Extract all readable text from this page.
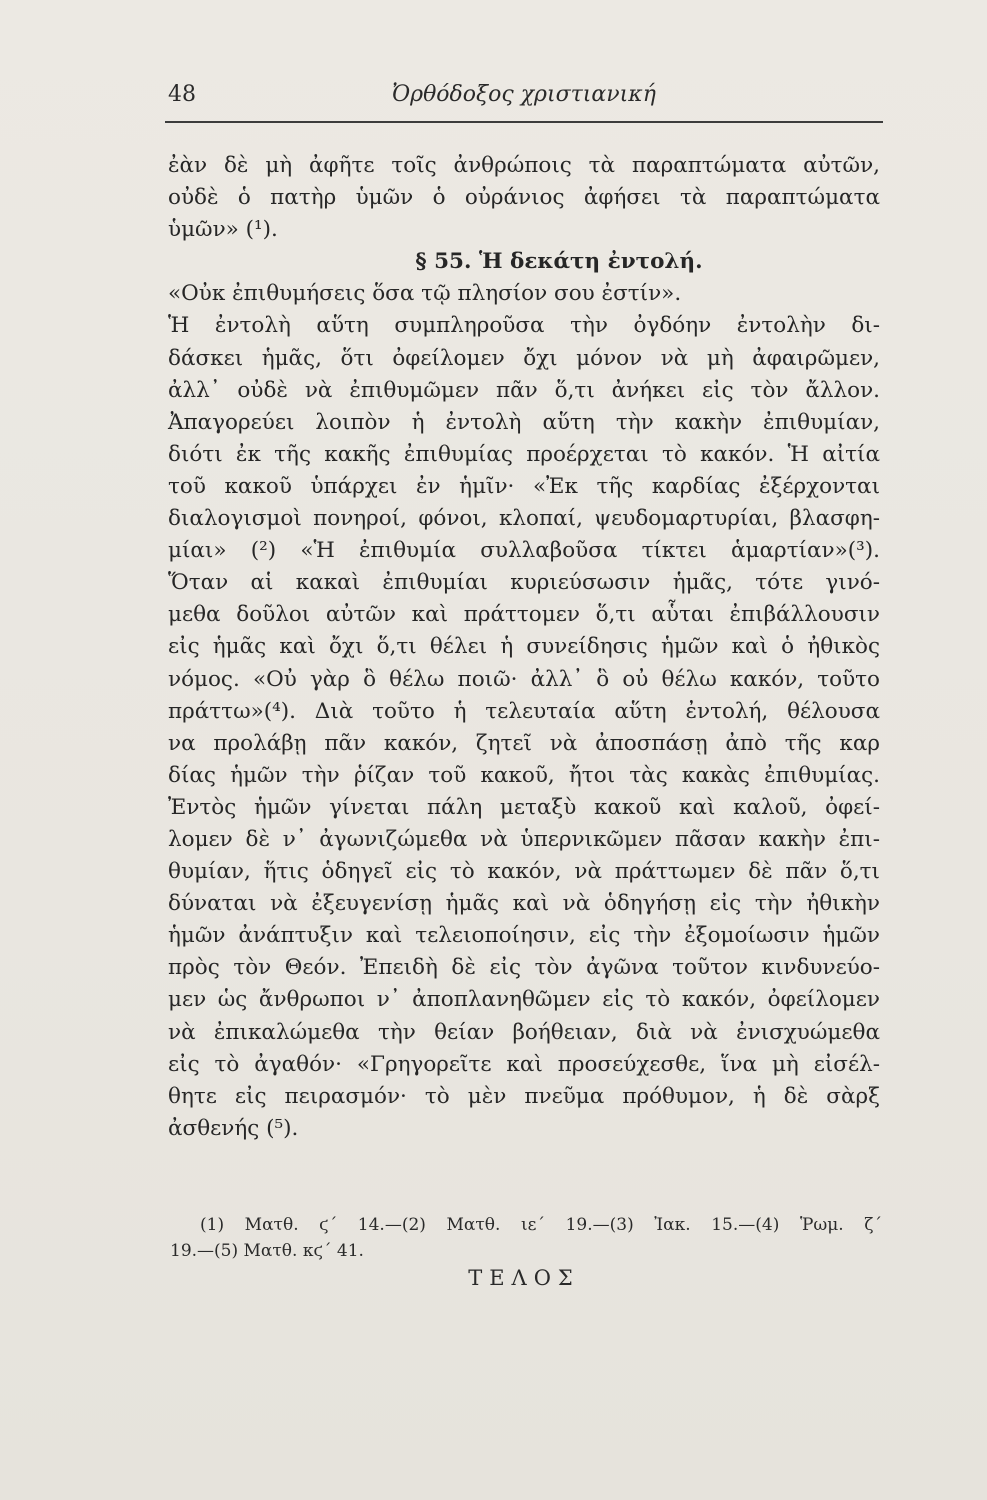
48	Ὀρθόδοξος χριστιανική
ἐὰν δὲ μὴ ἀφῆτε τοῖς ἀνθρώποις τὰ παραπτώματα αὐτῶν,
οὐδὲ ὁ πατὴρ ὑμῶν ὁ οὐράνιος ἀφήσει τὰ παραπτώματα
ὑμῶν» (¹).
§ 55. Ἡ δεκάτη ἐντολή.
«Οὐκ ἐπιθυμήσεις ὅσα τῷ πλησίον σου ἐστίν».
Ἡ ἐντολὴ αὕτη συμπληροῦσα τὴν ὀγδόην ἐντολὴν δι-
δάσκει ἡμᾶς, ὅτι ὀφείλομεν ὄχι μόνον νὰ μὴ ἀφαιρῶμεν,
ἀλλ᾽ οὐδὲ νὰ ἐπιθυμῶμεν πᾶν ὅ,τι ἀνήκει εἰς τὸν ἄλλον.
Ἀπαγορεύει λοιπὸν ἡ ἐντολὴ αὕτη τὴν κακὴν ἐπιθυμίαν,
διότι ἐκ τῆς κακῆς ἐπιθυμίας προέρχεται τὸ κακόν. Ἡ αἰτία
τοῦ κακοῦ ὑπάρχει ἐν ἡμῖν· «Ἐκ τῆς καρδίας ἐξέρχονται
διαλογισμοὶ πονηροί, φόνοι, κλοπαί, ψευδομαρτυρίαι, βλασφη-
μίαι» (²) «Ἡ ἐπιθυμία συλλαβοῦσα τίκτει ἁμαρτίαν»(³).
Ὅταν αἱ κακαὶ ἐπιθυμίαι κυριεύσωσιν ἡμᾶς, τότε γινό-
μεθα δοῦλοι αὐτῶν καὶ πράττομεν ὅ,τι αὗται ἐπιβάλλουσιν
εἰς ἡμᾶς καὶ ὄχι ὅ,τι θέλει ἡ συνείδησις ἡμῶν καὶ ὁ ἠθικὸς
νόμος. «Οὐ γὰρ ὃ θέλω ποιῶ· ἀλλ᾽ ὃ οὐ θέλω κακόν, τοῦτο
πράττω»(⁴). Διὰ τοῦτο ἡ τελευταία αὕτη ἐντολή, θέλουσα
να προλάβῃ πᾶν κακόν, ζητεῖ νὰ ἀποσπάσῃ ἀπὸ τῆς καρ
δίας ἡμῶν τὴν ῥίζαν τοῦ κακοῦ, ἤτοι τὰς κακὰς ἐπιθυμίας.
Ἐντὸς ἡμῶν γίνεται πάλη μεταξὺ κακοῦ καὶ καλοῦ, ὀφεί-
λομεν δὲ ν᾽ ἀγωνιζώμεθα νὰ ὑπερνικῶμεν πᾶσαν κακὴν ἐπι-
θυμίαν, ἥτις ὁδηγεῖ εἰς τὸ κακόν, νὰ πράττωμεν δὲ πᾶν ὅ,τι
δύναται νὰ ἐξευγενίσῃ ἡμᾶς καὶ νὰ ὁδηγήσῃ εἰς τὴν ἠθικὴν
ἡμῶν ἀνάπτυξιν καὶ τελειοποίησιν, εἰς τὴν ἐξομοίωσιν ἡμῶν
πρὸς τὸν Θεόν. Ἐπειδὴ δὲ εἰς τὸν ἀγῶνα τοῦτον κινδυνεύο-
μεν ὡς ἄνθρωποι ν᾽ ἀποπλανηθῶμεν εἰς τὸ κακόν, ὀφείλομεν
νὰ ἐπικαλώμεθα τὴν θείαν βοήθειαν, διὰ νὰ ἐνισχυώμεθα
εἰς τὸ ἀγαθόν· «Γρηγορεῖτε καὶ προσεύχεσθε, ἵνα μὴ εἰσέλ-
θητε εἰς πειρασμόν· τὸ μὲν πνεῦμα πρόθυμον, ἡ δὲ σὰρξ
ἀσθενής (⁵).
(1) Ματθ. ϛ΄ 14.—(2) Ματθ. ιε΄ 19.—(3) Ἰακ. 15.—(4) Ῥωμ. ζ΄
19.—(5) Ματθ. κϛ΄ 41.
ΤΕΛΟΣ
